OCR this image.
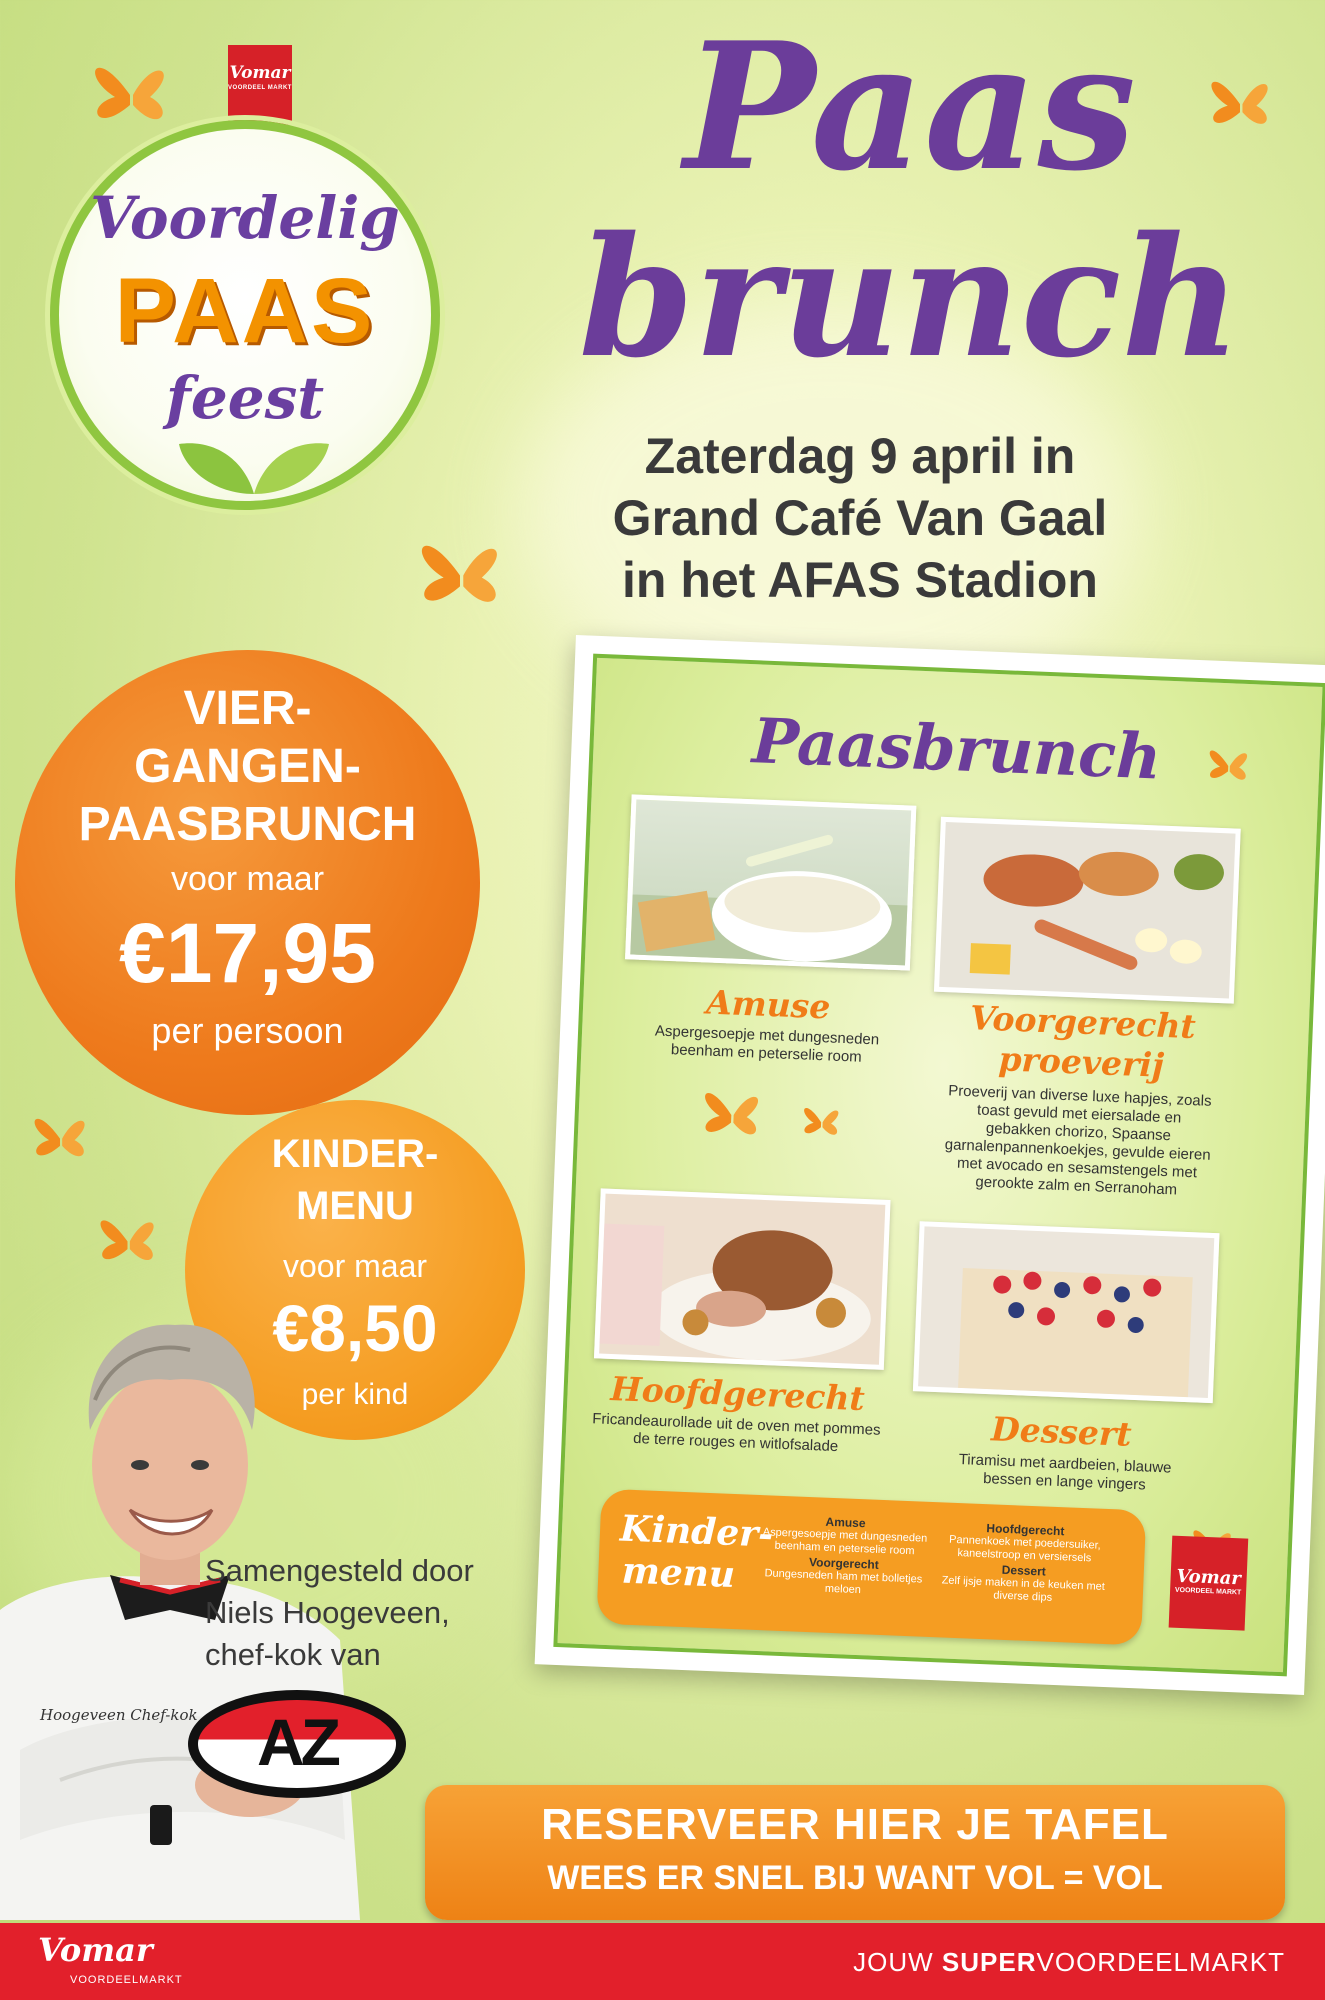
Vomar
VOORDEEL MARKT
Voordelig
PAAS
feest
Paas
brunch
Zaterdag 9 april in
Grand Café Van Gaal
in het AFAS Stadion
VIER-
GANGEN-
PAASBRUNCH
voor maar
€17,95
per persoon
KINDER-
MENU
voor maar
€8,50
per kind
Hoogeveen Chef-kok
Samengesteld door
Niels Hoogeveen,
chef-kok van
AZ
Paasbrunch
Amuse
Aspergesoepje met dungesneden beenham en peterselie room
Voorgerecht proeverij
Proeverij van diverse luxe hapjes, zoals toast gevuld met eiersalade en gebakken chorizo, Spaanse garnalenpannenkoekjes, gevulde eieren met avocado en sesamstengels met gerookte zalm en Serranoham
Hoofdgerecht
Fricandeaurollade uit de oven met pommes de terre rouges en witlofsalade	Dessert
Tiramisu met aardbeien, blauwe bessen en lange vingers
Kinder-menu
Amuse
Aspergesoepje met dungesneden beenham en peterselie room
Voorgerecht
Dungesneden ham met bolletjes meloen
Hoofdgerecht
Pannenkoek met poedersuiker, kaneelstroop en versiersels
Dessert
Zelf ijsje maken in de keuken met diverse dips
Vomar
VOORDEEL MARKT
RESERVEER HIER JE TAFEL
WEES ER SNEL BIJ WANT VOL = VOL
Vomar
VOORDEELMARKT
JOUW SUPERVOORDEELMARKT
